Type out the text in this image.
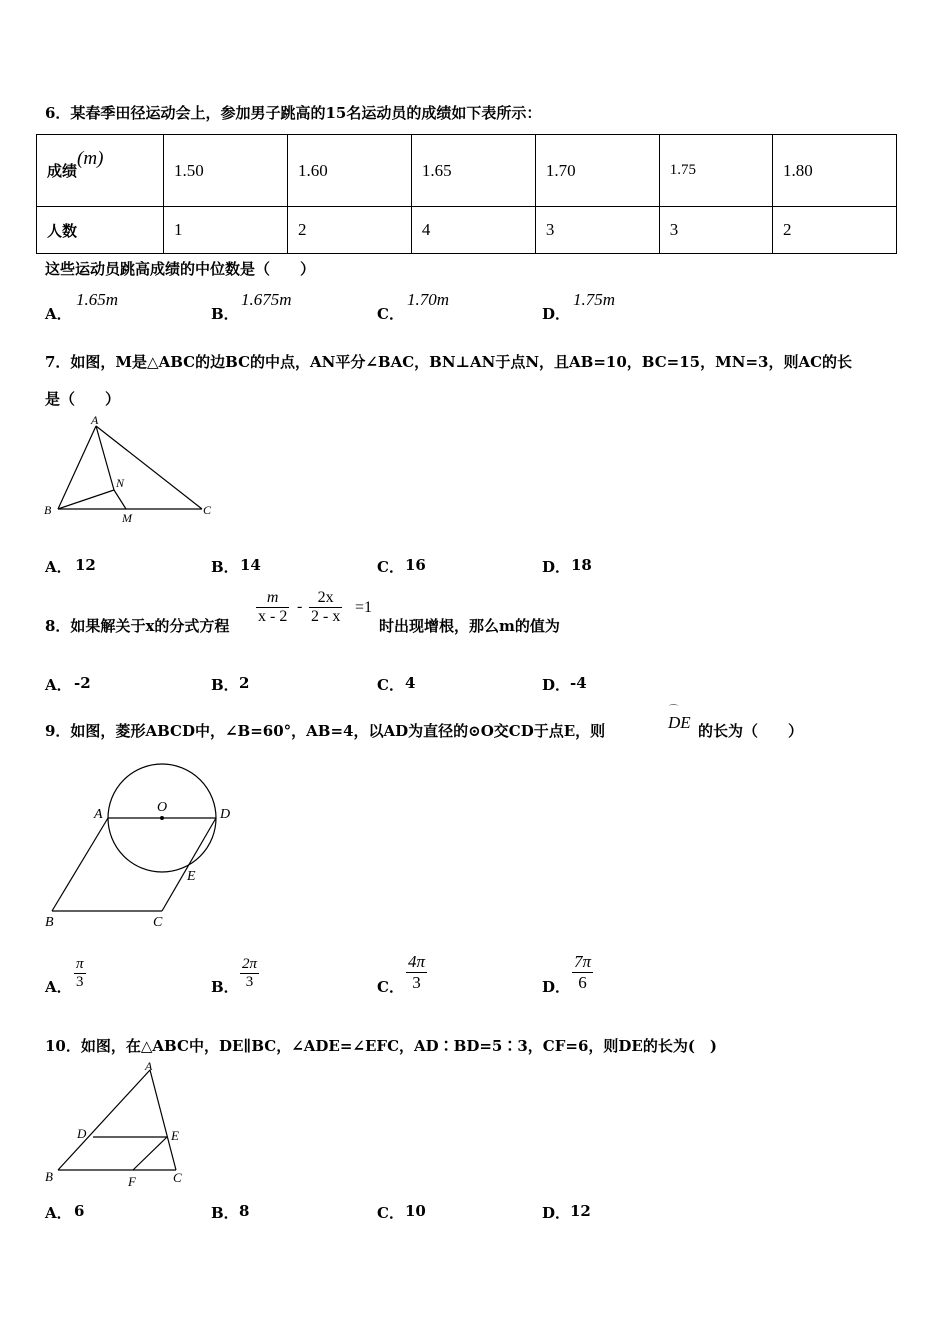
6．某春季田径运动会上，参加男子跳高的15名运动员的成绩如下表所示：
成绩(m)	1.50	1.60	1.65	1.70	1.75	1.80
人数	1	2	4	3	3	2
这些运动员跳高成绩的中位数是（　　）
A．
1.65m
B．
1.675m
C．
1.70m
D．
1.75m
7．如图，M是△ABC的边BC的中点，AN平分∠BAC，BN⊥AN于点N，且AB=10，BC=15，MN=3，则AC的长
是（　　）
A
B	C
N
M
A． 12	B． 14	C． 16	D． 18
8．如果解关于x的分式方程 $\frac{m}{x - 2} - \frac{2x}{2 - x} =1$
时出现增根，那么m的值为
A． -2	B． 2	C． 4	D． -4
9．如图，菱形ABCD中，∠B=60°，AB=4，以AD为直径的⊙O交CD于点E，则
⌒
DE 的长为（　　）
A	O	D
E
B	C
A． $\frac{\pi}{3}$	B． $\frac{2\pi}{3}$	C． $\frac{4\pi}{3}$	D． $\frac{7\pi}{6}$
10．如图，在△ABC中，DE∥BC，∠ADE=∠EFC，AD∶BD=5∶3，CF=6，则DE的长为(　)
A
D	E
B	F	C
A． 6	B． 8	C． 10	D． 12
